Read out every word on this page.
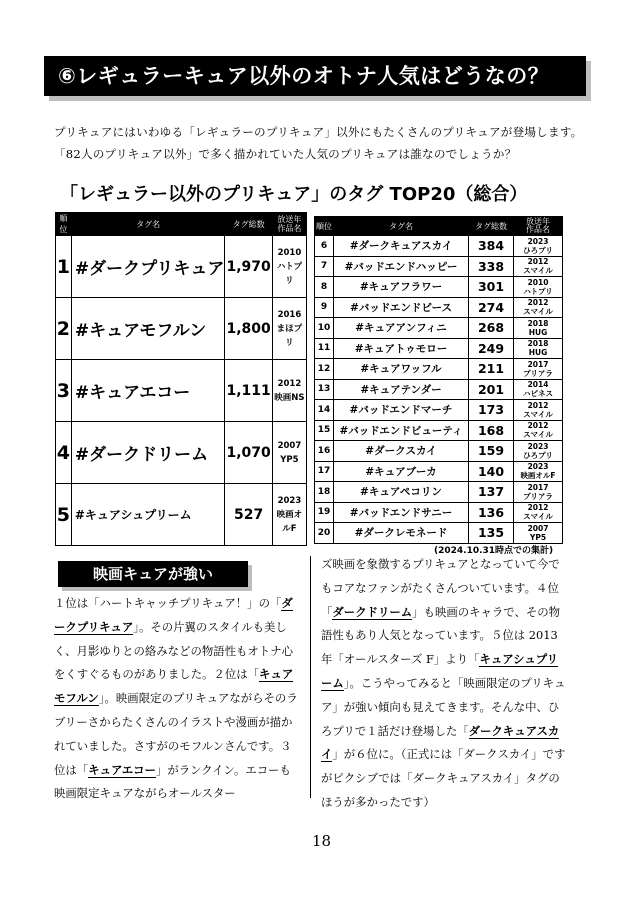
⑥レギュラーキュア以外のオトナ人気はどうなの？
プリキュアにはいわゆる「レギュラーのプリキュア」以外にもたくさんのプリキュアが登場します。「82人のプリキュア以外」で多く描かれていた人気のプリキュアは誰なのでしょうか？
「レギュラー以外のプリキュア」のタグ TOP20（総合）
順位	タグ名	タグ総数	放送年
作品名
1	#ダークプリキュア	1,970	2010
ハトプリ
2	#キュアモフルン	1,800	2016
まほプリ
3	#キュアエコー	1,111	2012
映画NS
4	#ダークドリーム	1,070	2007
YP5
5	#キュアシュプリーム	527	2023
映画オルF
順位	タグ名	タグ総数	放送年
作品名
6	#ダークキュアスカイ	384	2023
ひろプリ
7	#バッドエンドハッピー	338	2012
スマイル
8	#キュアフラワー	301	2010
ハトプリ
9	#バッドエンドピース	274	2012
スマイル
10	#キュアアンフィニ	268	2018
HUG
11	#キュアトゥモロー	249	2018
HUG
12	#キュアワッフル	211	2017
プリアラ
13	#キュアテンダー	201	2014
ハピネス
14	#バッドエンドマーチ	173	2012
スマイル
15	#バッドエンドビューティ	168	2012
スマイル
16	#ダークスカイ	159	2023
ひろプリ
17	#キュアブーカ	140	2023
映画オルF
18	#キュアペコリン	137	2017
プリアラ
19	#バッドエンドサニー	136	2012
スマイル
20	#ダークレモネード	135	2007
YP5
(2024.10.31時点での集計)
映画キュアが強い
１位は「ハートキャッチプリキュア！」の「ダークプリキュア」。その片翼のスタイルも美しく、月影ゆりとの絡みなどの物語性もオトナ心をくすぐるものがありました。２位は「キュアモフルン」。映画限定のプリキュアながらそのラブリーさからたくさんのイラストや漫画が描かれていました。さすがのモフルンさんです。３位は「キュアエコー」がランクイン。エコーも映画限定キュアながらオールスター
ズ映画を象徴するプリキュアとなっていて今でもコアなファンがたくさんついています。４位「ダークドリーム」も映画のキャラで、その物語性もあり人気となっています。５位は 2013 年「オールスターズ F」より「キュアシュプリーム」。こうやってみると「映画限定のプリキュア」が強い傾向も見えてきます。そんな中、ひろプリで１話だけ登場した「ダークキュアスカイ」が６位に。（正式には「ダークスカイ」ですがピクシブでは「ダークキュアスカイ」タグのほうが多かったです）
18
